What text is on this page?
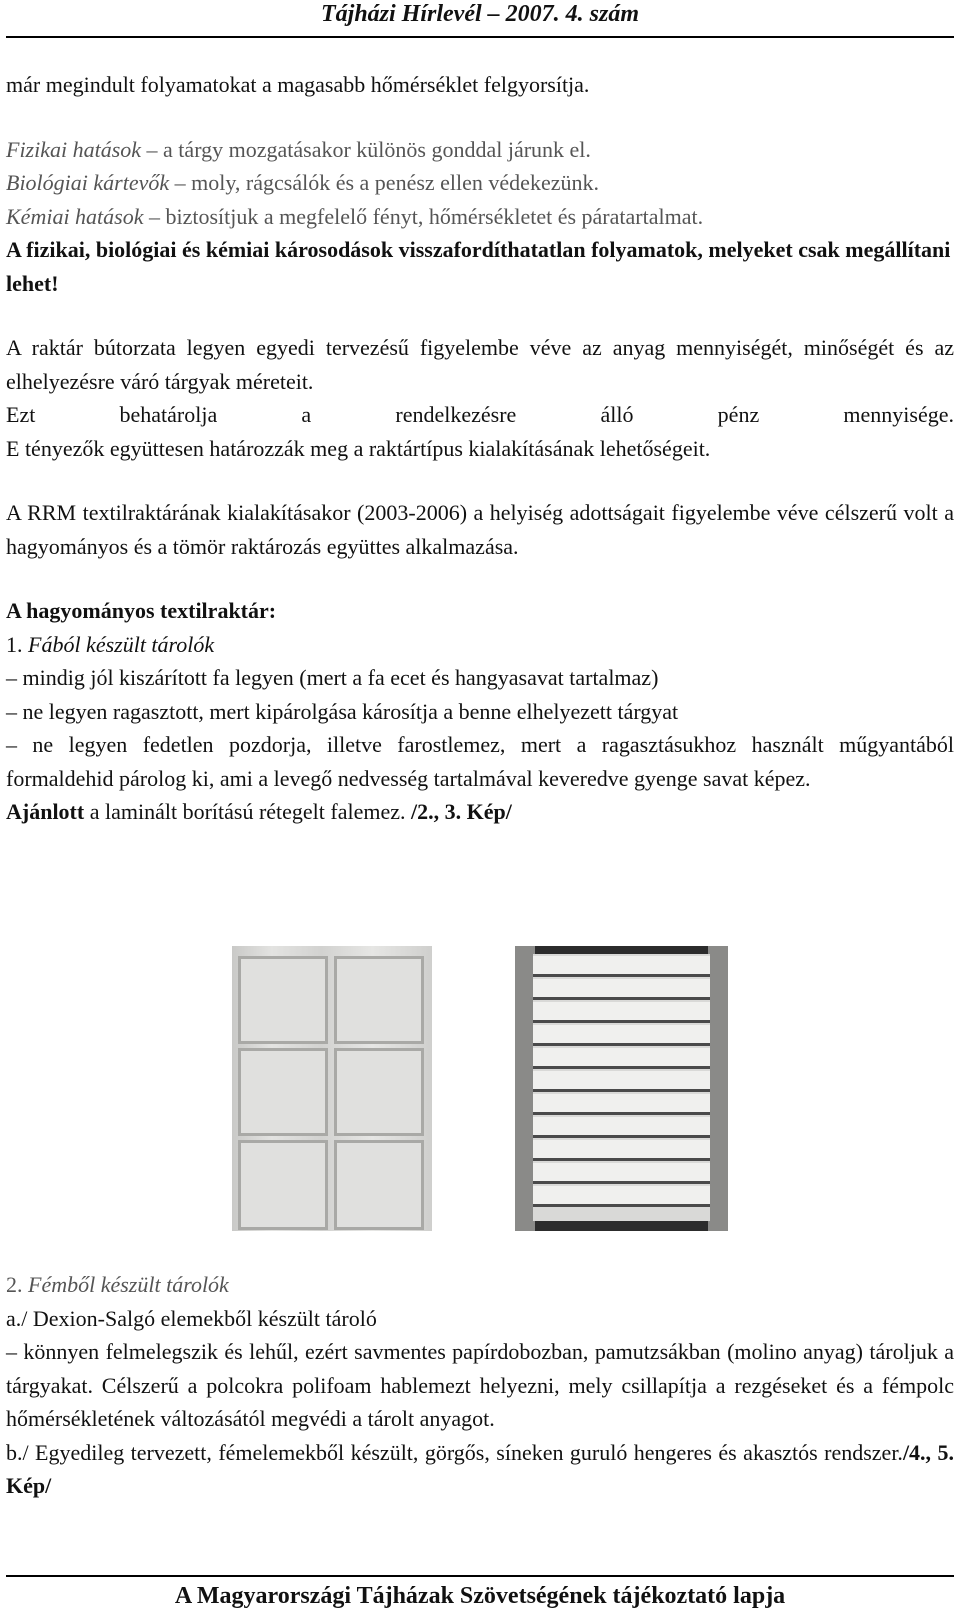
Tájházi Hírlevél – 2007. 4. szám

már megindult folyamatokat a magasabb hőmérséklet felgyorsítja.

Fizikai hatások – a tárgy mozgatásakor különös gonddal járunk el.

Biológiai kártevők – moly, rágcsálók és a penész ellen védekezünk.

Kémiai hatások – biztosítjuk a megfelelő fényt, hőmérsékletet és páratartalmat.

A fizikai, biológiai és kémiai károsodások visszafordíthatatlan folyamatok, melyeket csak megállítani lehet!

A raktár bútorzata legyen egyedi tervezésű figyelembe véve az anyag mennyiségét, minőségét és az elhelyezésre váró tárgyak méreteit.

Ezt behatárolja a rendelkezésre álló pénz mennyisége.

E tényezők együttesen határozzák meg a raktártípus kialakításának lehetőségeit.

A RRM textilraktárának kialakításakor (2003-2006) a helyiség adottságait figyelembe véve célszerű volt a hagyományos és a tömör raktározás együttes alkalmazása.

A hagyományos textilraktár:

1. Fából készült tárolók

– mindig jól kiszárított fa legyen (mert a fa ecet és hangyasavat tartalmaz)

– ne legyen ragasztott, mert kipárolgása károsítja a benne elhelyezett tárgyat

– ne legyen fedetlen pozdorja, illetve farostlemez, mert a ragasztásukhoz használt műgyantából formaldehid párolog ki, ami a levegő nedvesség tartalmával keveredve gyenge savat képez.

Ajánlott a laminált borítású rétegelt falemez. /2., 3. Kép/

2. Fémből készült tárolók

a./ Dexion-Salgó elemekből készült tároló

– könnyen felmelegszik és lehűl, ezért savmentes papírdobozban, pamutzsákban (molino anyag) tároljuk a tárgyakat. Célszerű a polcokra polifoam hablemezt helyezni, mely csillapítja a rezgéseket és a fémpolc hőmérsékletének változásától megvédi a tárolt anyagot.

b./ Egyedileg tervezett, fémelemekből készült, görgős, síneken guruló hengeres és akasztós rendszer./4., 5. Kép/

A Magyarországi Tájházak Szövetségének tájékoztató lapja
